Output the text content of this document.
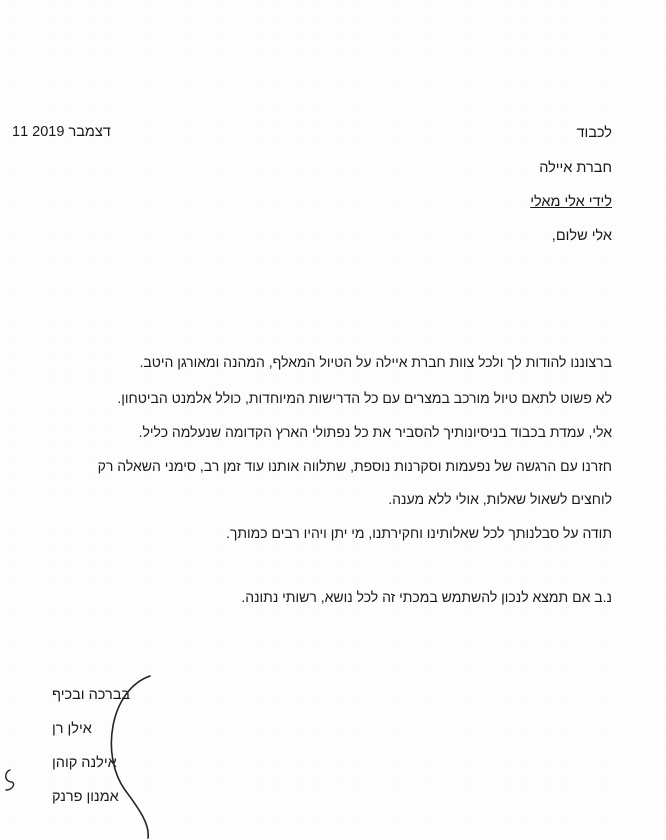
11 דצמבר 2019	לכבוד
חברת איילה
לידי אלי מאלי
אלי שלום,
ברצוננו להודות לך ולכל צוות חברת איילה על הטיול המאלף, המהנה ומאורגן היטב.
לא פשוט לתאם טיול מורכב במצרים עם כל הדרישות המיוחדות, כולל אלמנט הביטחון.
אלי, עמדת בכבוד בניסיונותיך להסביר את כל נפתולי הארץ הקדומה שנעלמה כליל.
חזרנו עם הרגשה של נפעמות וסקרנות נוספת, שתלווה אותנו עוד זמן רב, סימני השאלה רק
לוחצים לשאול שאלות, אולי ללא מענה.
תודה על סבלנותך לכל שאלותינו וחקירתנו, מי יתן ויהיו רבים כמותך.
נ.ב אם תמצא לנכון להשתמש במכתי זה לכל נושא, רשותי נתונה.
בברכה ובכיף
אילן רן
אילנה קוהן
אמנון פרנק
